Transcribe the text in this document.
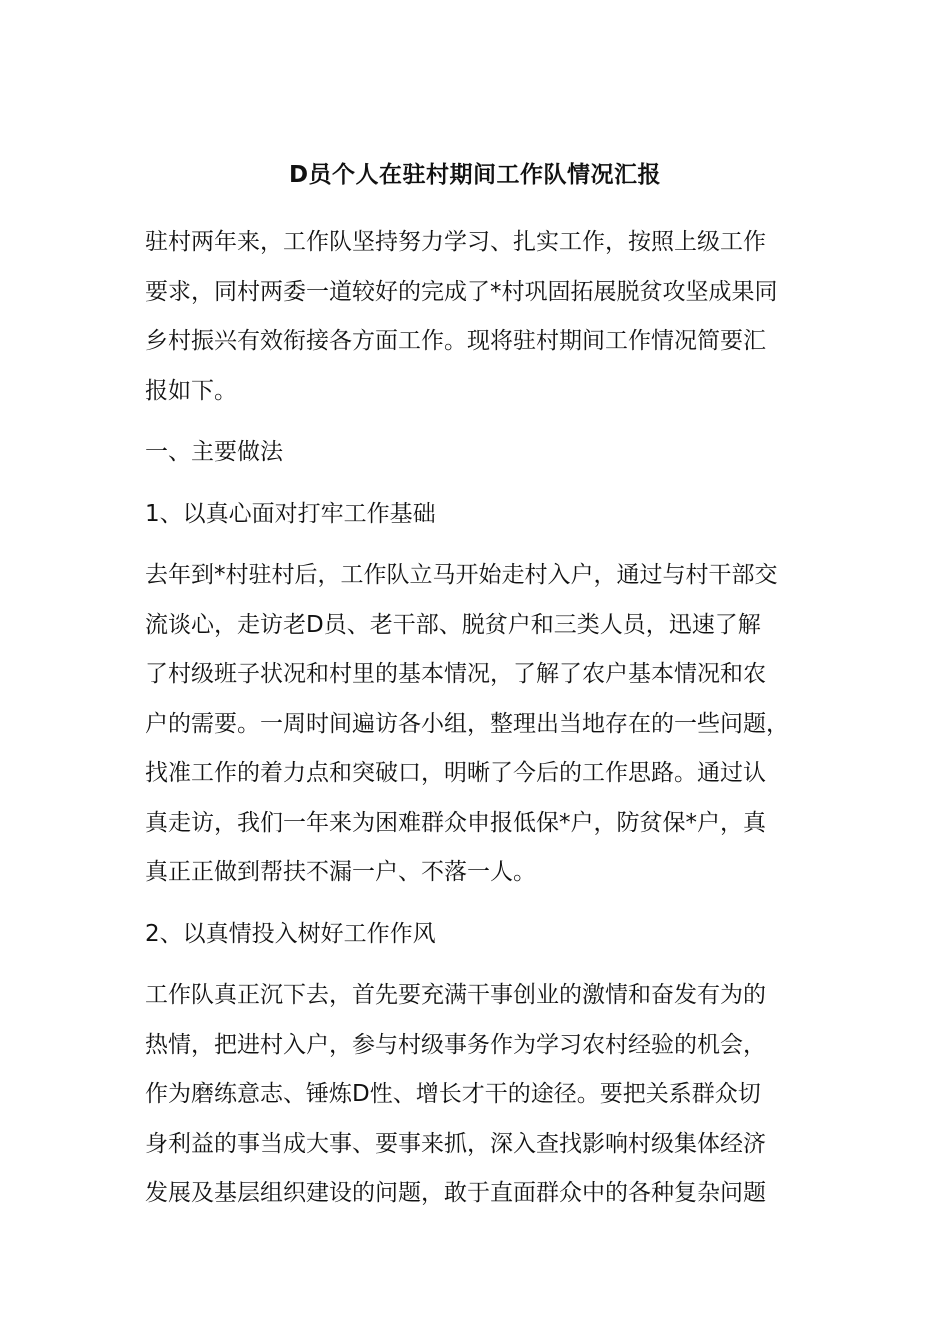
D员个人在驻村期间工作队情况汇报

驻村两年来，工作队坚持努力学习、扎实工作，按照上级工作
要求，同村两委一道较好的完成了*村巩固拓展脱贫攻坚成果同
乡村振兴有效衔接各方面工作。现将驻村期间工作情况简要汇
报如下。

一、主要做法

1、以真心面对打牢工作基础

去年到*村驻村后，工作队立马开始走村入户，通过与村干部交
流谈心，走访老D员、老干部、脱贫户和三类人员，迅速了解
了村级班子状况和村里的基本情况，了解了农户基本情况和农
户的需要。一周时间遍访各小组，整理出当地存在的一些问题，
找准工作的着力点和突破口，明晰了今后的工作思路。通过认
真走访，我们一年来为困难群众申报低保*户，防贫保*户，真
真正正做到帮扶不漏一户、不落一人。

2、以真情投入树好工作作风

工作队真正沉下去，首先要充满干事创业的激情和奋发有为的
热情，把进村入户，参与村级事务作为学习农村经验的机会，
作为磨练意志、锤炼D性、增长才干的途径。要把关系群众切
身利益的事当成大事、要事来抓，深入查找影响村级集体经济
发展及基层组织建设的问题，敢于直面群众中的各种复杂问题
